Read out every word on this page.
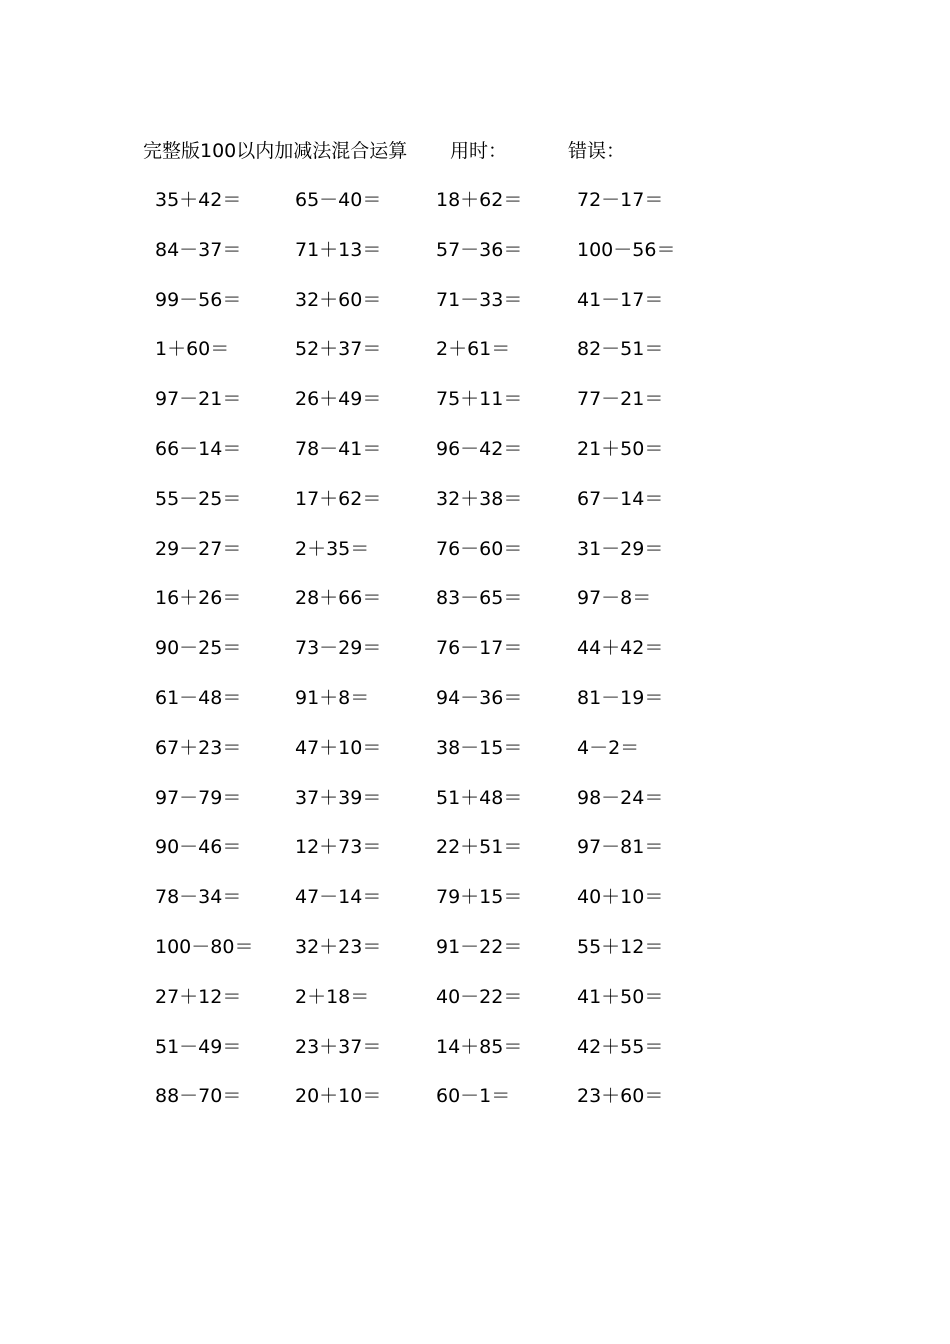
完整版100以内加减法混合运算 用时：	错误：
35＋42＝	65－40＝	18＋62＝	72－17＝
84－37＝	71＋13＝	57－36＝	100－56＝
99－56＝	32＋60＝	71－33＝	41－17＝
1＋60＝	52＋37＝	2＋61＝	82－51＝
97－21＝	26＋49＝	75＋11＝	77－21＝
66－14＝	78－41＝	96－42＝	21＋50＝
55－25＝	17＋62＝	32＋38＝	67－14＝
29－27＝	2＋35＝	76－60＝	31－29＝
16＋26＝	28＋66＝	83－65＝	97－8＝
90－25＝	73－29＝	76－17＝	44＋42＝
61－48＝	91＋8＝	94－36＝	81－19＝
67＋23＝	47＋10＝	38－15＝	4－2＝
97－79＝	37＋39＝	51＋48＝	98－24＝
90－46＝	12＋73＝	22＋51＝	97－81＝
78－34＝	47－14＝	79＋15＝	40＋10＝
100－80＝ 32＋23＝	91－22＝	55＋12＝
27＋12＝	2＋18＝	40－22＝	41＋50＝
51－49＝	23＋37＝	14＋85＝	42＋55＝
88－70＝	20＋10＝	60－1＝	23＋60＝
